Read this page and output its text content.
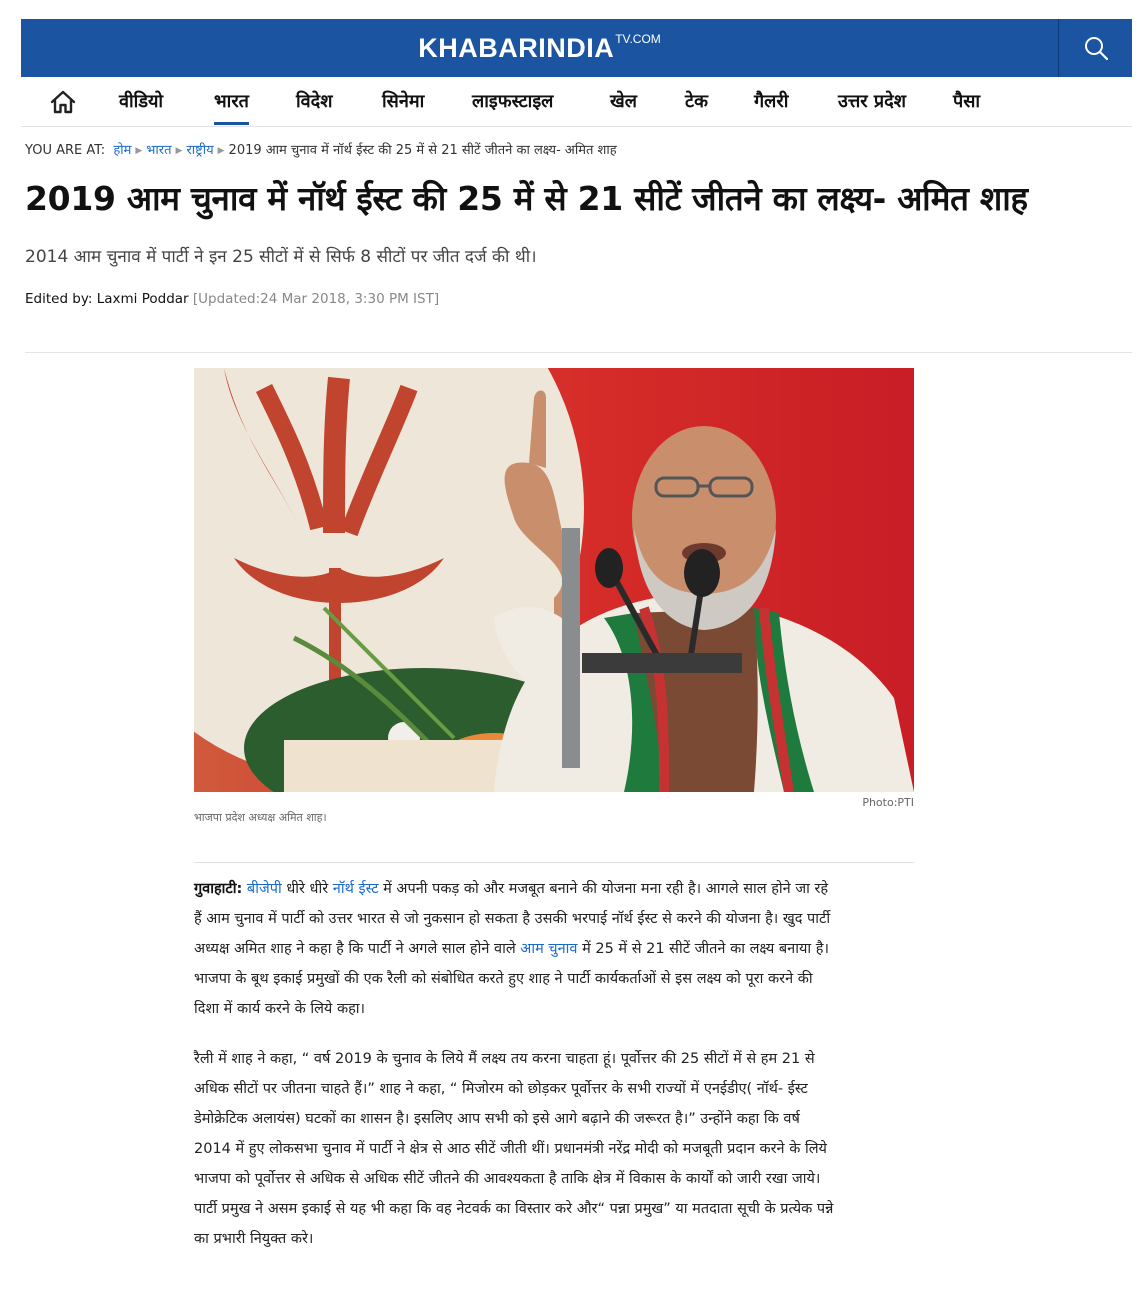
KHABARINDIA TV.COM
वीडियो	भारत	विदेश	सिनेमा	लाइफस्टाइल	खेल	टेक	गैलरी	उत्तर प्रदेश	पैसा
YOU ARE AT: होम ▶ भारत ▶ राष्ट्रीय ▶ 2019 आम चुनाव में नॉर्थ ईस्ट की 25 में से 21 सीटें जीतने का लक्ष्य- अमित शाह
2019 आम चुनाव में नॉर्थ ईस्ट की 25 में से 21 सीटें जीतने का लक्ष्य- अमित शाह

2014 आम चुनाव में पार्टी ने इन 25 सीटों में से सिर्फ 8 सीटों पर जीत दर्ज की थी।

Edited by: Laxmi Poddar [Updated:24 Mar 2018, 3:30 PM IST]
Photo:PTI
भाजपा प्रदेश अध्यक्ष अमित शाह।
गुवाहाटी: बीजेपी धीरे धीरे नॉर्थ ईस्ट में अपनी पकड़ को और मजबूत बनाने की योजना मना रही है। आगले साल होने जा रहे
हैं आम चुनाव में पार्टी को उत्तर भारत से जो नुकसान हो सकता है उसकी भरपाई नॉर्थ ईस्ट से करने की योजना है। खुद पार्टी
अध्यक्ष अमित शाह ने कहा है कि पार्टी ने अगले साल होने वाले आम चुनाव में 25 में से 21 सीटें जीतने का लक्ष्य बनाया है।
भाजपा के बूथ इकाई प्रमुखों की एक रैली को संबोधित करते हुए शाह ने पार्टी कार्यकर्ताओं से इस लक्ष्य को पूरा करने की
दिशा में कार्य करने के लिये कहा।
रैली में शाह ने कहा, “ वर्ष 2019 के चुनाव के लिये मैं लक्ष्य तय करना चाहता हूं। पूर्वोत्तर की 25 सीटों में से हम 21 से
अधिक सीटों पर जीतना चाहते हैं।” शाह ने कहा, “ मिजोरम को छोड़कर पूर्वोत्तर के सभी राज्यों में एनईडीए( नॉर्थ- ईस्ट
डेमोक्रेटिक अलायंस) घटकों का शासन है। इसलिए आप सभी को इसे आगे बढ़ाने की जरूरत है।” उन्होंने कहा कि वर्ष
2014 में हुए लोकसभा चुनाव में पार्टी ने क्षेत्र से आठ सीटें जीती थीं। प्रधानमंत्री नरेंद्र मोदी को मजबूती प्रदान करने के लिये
भाजपा को पूर्वोत्तर से अधिक से अधिक सीटें जीतने की आवश्यकता है ताकि क्षेत्र में विकास के कार्यों को जारी रखा जाये।
पार्टी प्रमुख ने असम इकाई से यह भी कहा कि वह नेटवर्क का विस्तार करे और“ पन्ना प्रमुख” या मतदाता सूची के प्रत्येक पन्ने
का प्रभारी नियुक्त करे।
